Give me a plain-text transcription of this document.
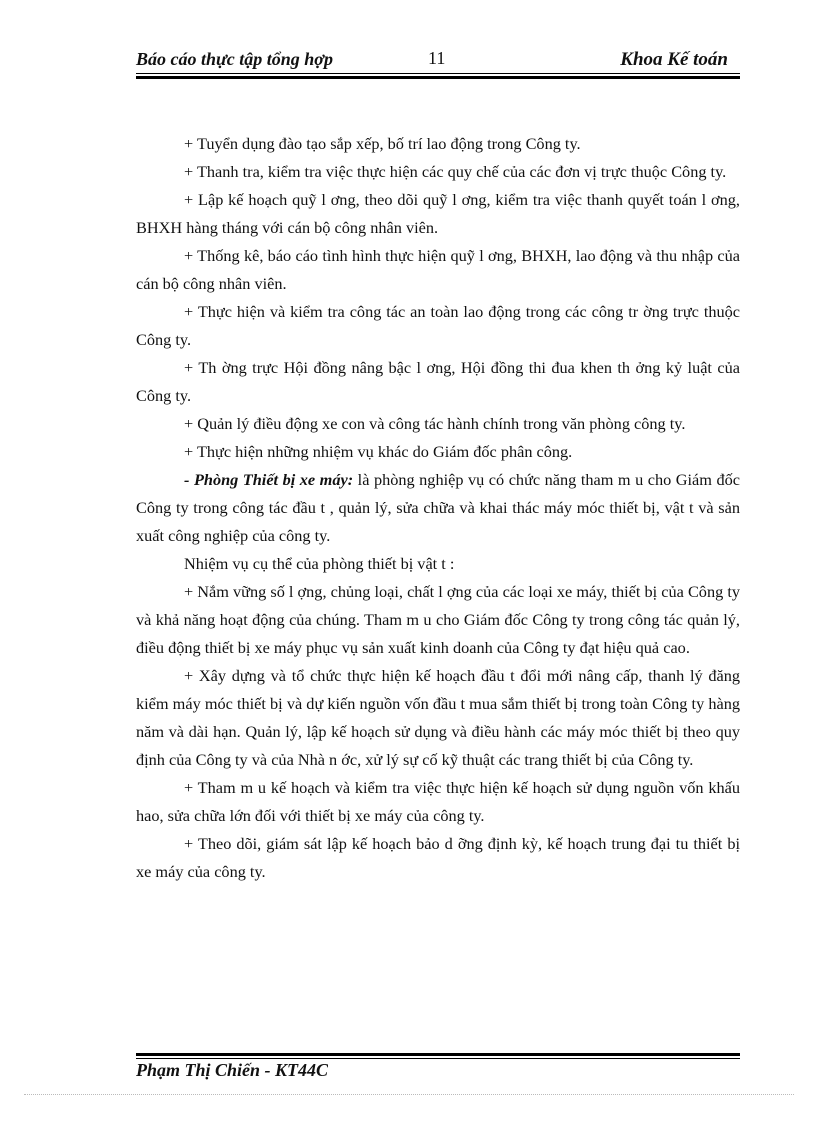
Báo cáo thực tập tổng hợp	11	Khoa Kế toán

+ Tuyển dụng đào tạo sắp xếp, bố trí lao động trong Công ty.

+ Thanh tra, kiểm tra việc thực hiện các quy chế của các đơn vị trực thuộc Công ty.

+ Lập kế hoạch quỹ l ơng, theo dõi quỹ l ơng, kiểm tra việc thanh quyết toán l ơng, BHXH hàng tháng với cán bộ công nhân viên.

+ Thống kê, báo cáo tình hình thực hiện quỹ l ơng, BHXH, lao động và thu nhập của cán bộ công nhân viên.

+ Thực hiện và kiểm tra công tác an toàn lao động trong các công tr ờng trực thuộc Công ty.

+ Th ờng trực Hội đồng nâng bậc l ơng, Hội đồng thi đua khen th ởng kỷ luật của Công ty.

+ Quản lý điều động xe con và công tác hành chính trong văn phòng công ty.

+ Thực hiện những nhiệm vụ khác do Giám đốc phân công.

- Phòng Thiết bị xe máy: là phòng nghiệp vụ có chức năng tham m u cho Giám đốc Công ty trong công tác đầu t , quản lý, sửa chữa và khai thác máy móc thiết bị, vật t và sản xuất công nghiệp của công ty.

Nhiệm vụ cụ thể của phòng thiết bị vật t :

+ Nắm vững số l ợng, chủng loại, chất l ợng của các loại xe máy, thiết bị của Công ty và khả năng hoạt động của chúng. Tham m u cho Giám đốc Công ty trong công tác quản lý, điều động thiết bị xe máy phục vụ sản xuất kinh doanh của Công ty đạt hiệu quả cao.

+ Xây dựng và tổ chức thực hiện kế hoạch đầu t đổi mới nâng cấp, thanh lý đăng kiểm máy móc thiết bị và dự kiến nguồn vốn đầu t mua sắm thiết bị trong toàn Công ty hàng năm và dài hạn. Quản lý, lập kế hoạch sử dụng và điều hành các máy móc thiết bị theo quy định của Công ty và của Nhà n ớc, xử lý sự cố kỹ thuật các trang thiết bị của Công ty.

+ Tham m u kế hoạch và kiểm tra việc thực hiện kế hoạch sử dụng nguồn vốn khấu hao, sửa chữa lớn đối với thiết bị xe máy của công ty.

+ Theo dõi, giám sát lập kế hoạch bảo d ỡng định kỳ, kế hoạch trung đại tu thiết bị xe máy của công ty.

Phạm Thị Chiến - KT44C
